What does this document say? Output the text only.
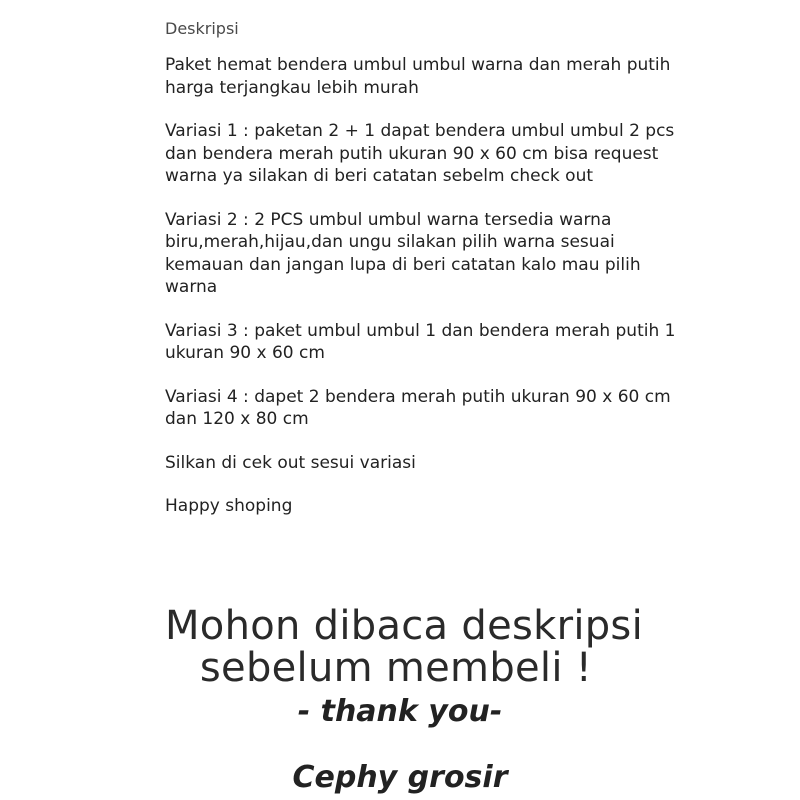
Deskripsi
Paket hemat bendera umbul umbul warna dan merah putih
harga terjangkau lebih murah
Variasi 1 : paketan 2 + 1 dapat bendera umbul umbul 2 pcs
dan bendera merah putih ukuran 90 x 60 cm bisa request
warna ya silakan di beri catatan sebelm check out
Variasi 2 : 2 PCS umbul umbul warna tersedia warna
biru,merah,hijau,dan ungu silakan pilih warna sesuai
kemauan dan jangan lupa di beri catatan kalo mau pilih
warna
Variasi 3 : paket umbul umbul 1 dan bendera merah putih 1
ukuran 90 x 60 cm
Variasi 4 : dapet 2 bendera merah putih ukuran 90 x 60 cm
dan 120 x 80 cm
Silkan di cek out sesui variasi
Happy shoping
Mohon dibaca deskripsi
sebelum membeli !
- thank you-
Cephy grosir
